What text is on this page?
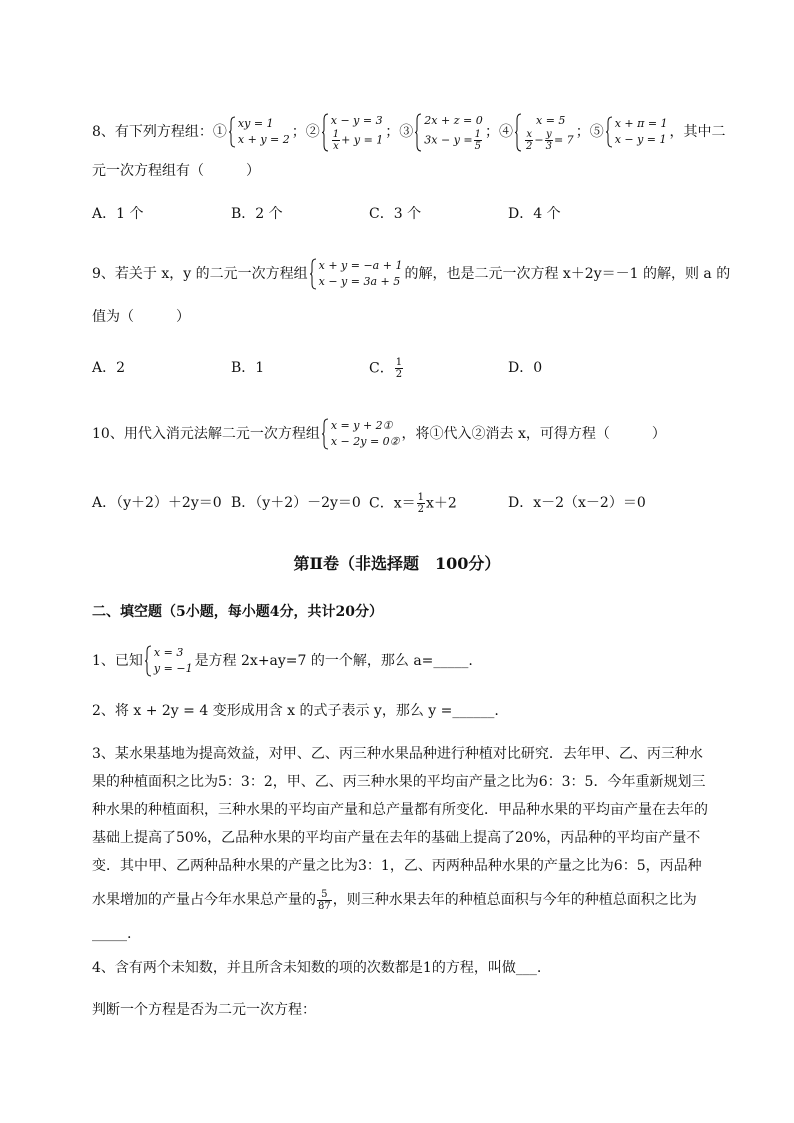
8、有下列方程组：①
xy = 1
x + y = 2 ；②
x − y = 3
$\frac{1}{x} + y = 1$ ；③
2x + z = 0
$3x - y = \frac{1}{5}$ ；④
x = 5
$\frac{x}{2} - \frac{y}{3} = 7$ ；⑤
x + π = 1
x − y = 1 ，其中二
元一次方程组有（　　　）
A．1 个	B．2 个	C．3 个	D．4 个
9、若关于 x，y 的二元一次方程组
x + y = −a + 1
x − y = 3a + 5 的解，也是二元一次方程 x＋2y＝－1 的解，则 a 的
值为（　　　）
A．2	B．1	C． $\frac{1}{2}$	D．0
10、用代入消元法解二元一次方程组
x = y + 2①
x − 2y = 0② ，将①代入②消去 x，可得方程（　　　）
A．（y＋2）＋2y＝0 B．（y＋2）－2y＝0 C．$x= \frac{1}{2} x+2$	D．x－2（x－2）＝0
第Ⅱ卷（非选择题　100分）
二、填空题（5小题，每小题4分，共计20分）
1、已知
x = 3
y = −1 是方程 2x+ay=7 的一个解，那么 a=_____.
2、将 x + 2y = 4 变形成用含 x 的式子表示 y，那么 y =______.
3、某水果基地为提高效益，对甲、乙、丙三种水果品种进行种植对比研究．去年甲、乙、丙三种水
果的种植面积之比为5：3：2，甲、乙、丙三种水果的平均亩产量之比为6：3：5．今年重新规划三
种水果的种植面积，三种水果的平均亩产量和总产量都有所变化．甲品种水果的平均亩产量在去年的
基础上提高了50%，乙品种水果的平均亩产量在去年的基础上提高了20%，丙品种的平均亩产量不
变．其中甲、乙两种品种水果的产量之比为3：1，乙、丙两种品种水果的产量之比为6：5，丙品种
水果增加的产量占今年水果总产量的 $\frac{5}{87}$ ，则三种水果去年的种植总面积与今年的种植总面积之比为
_____.
4、含有两个未知数，并且所含未知数的项的次数都是1的方程，叫做___.
判断一个方程是否为二元一次方程：
